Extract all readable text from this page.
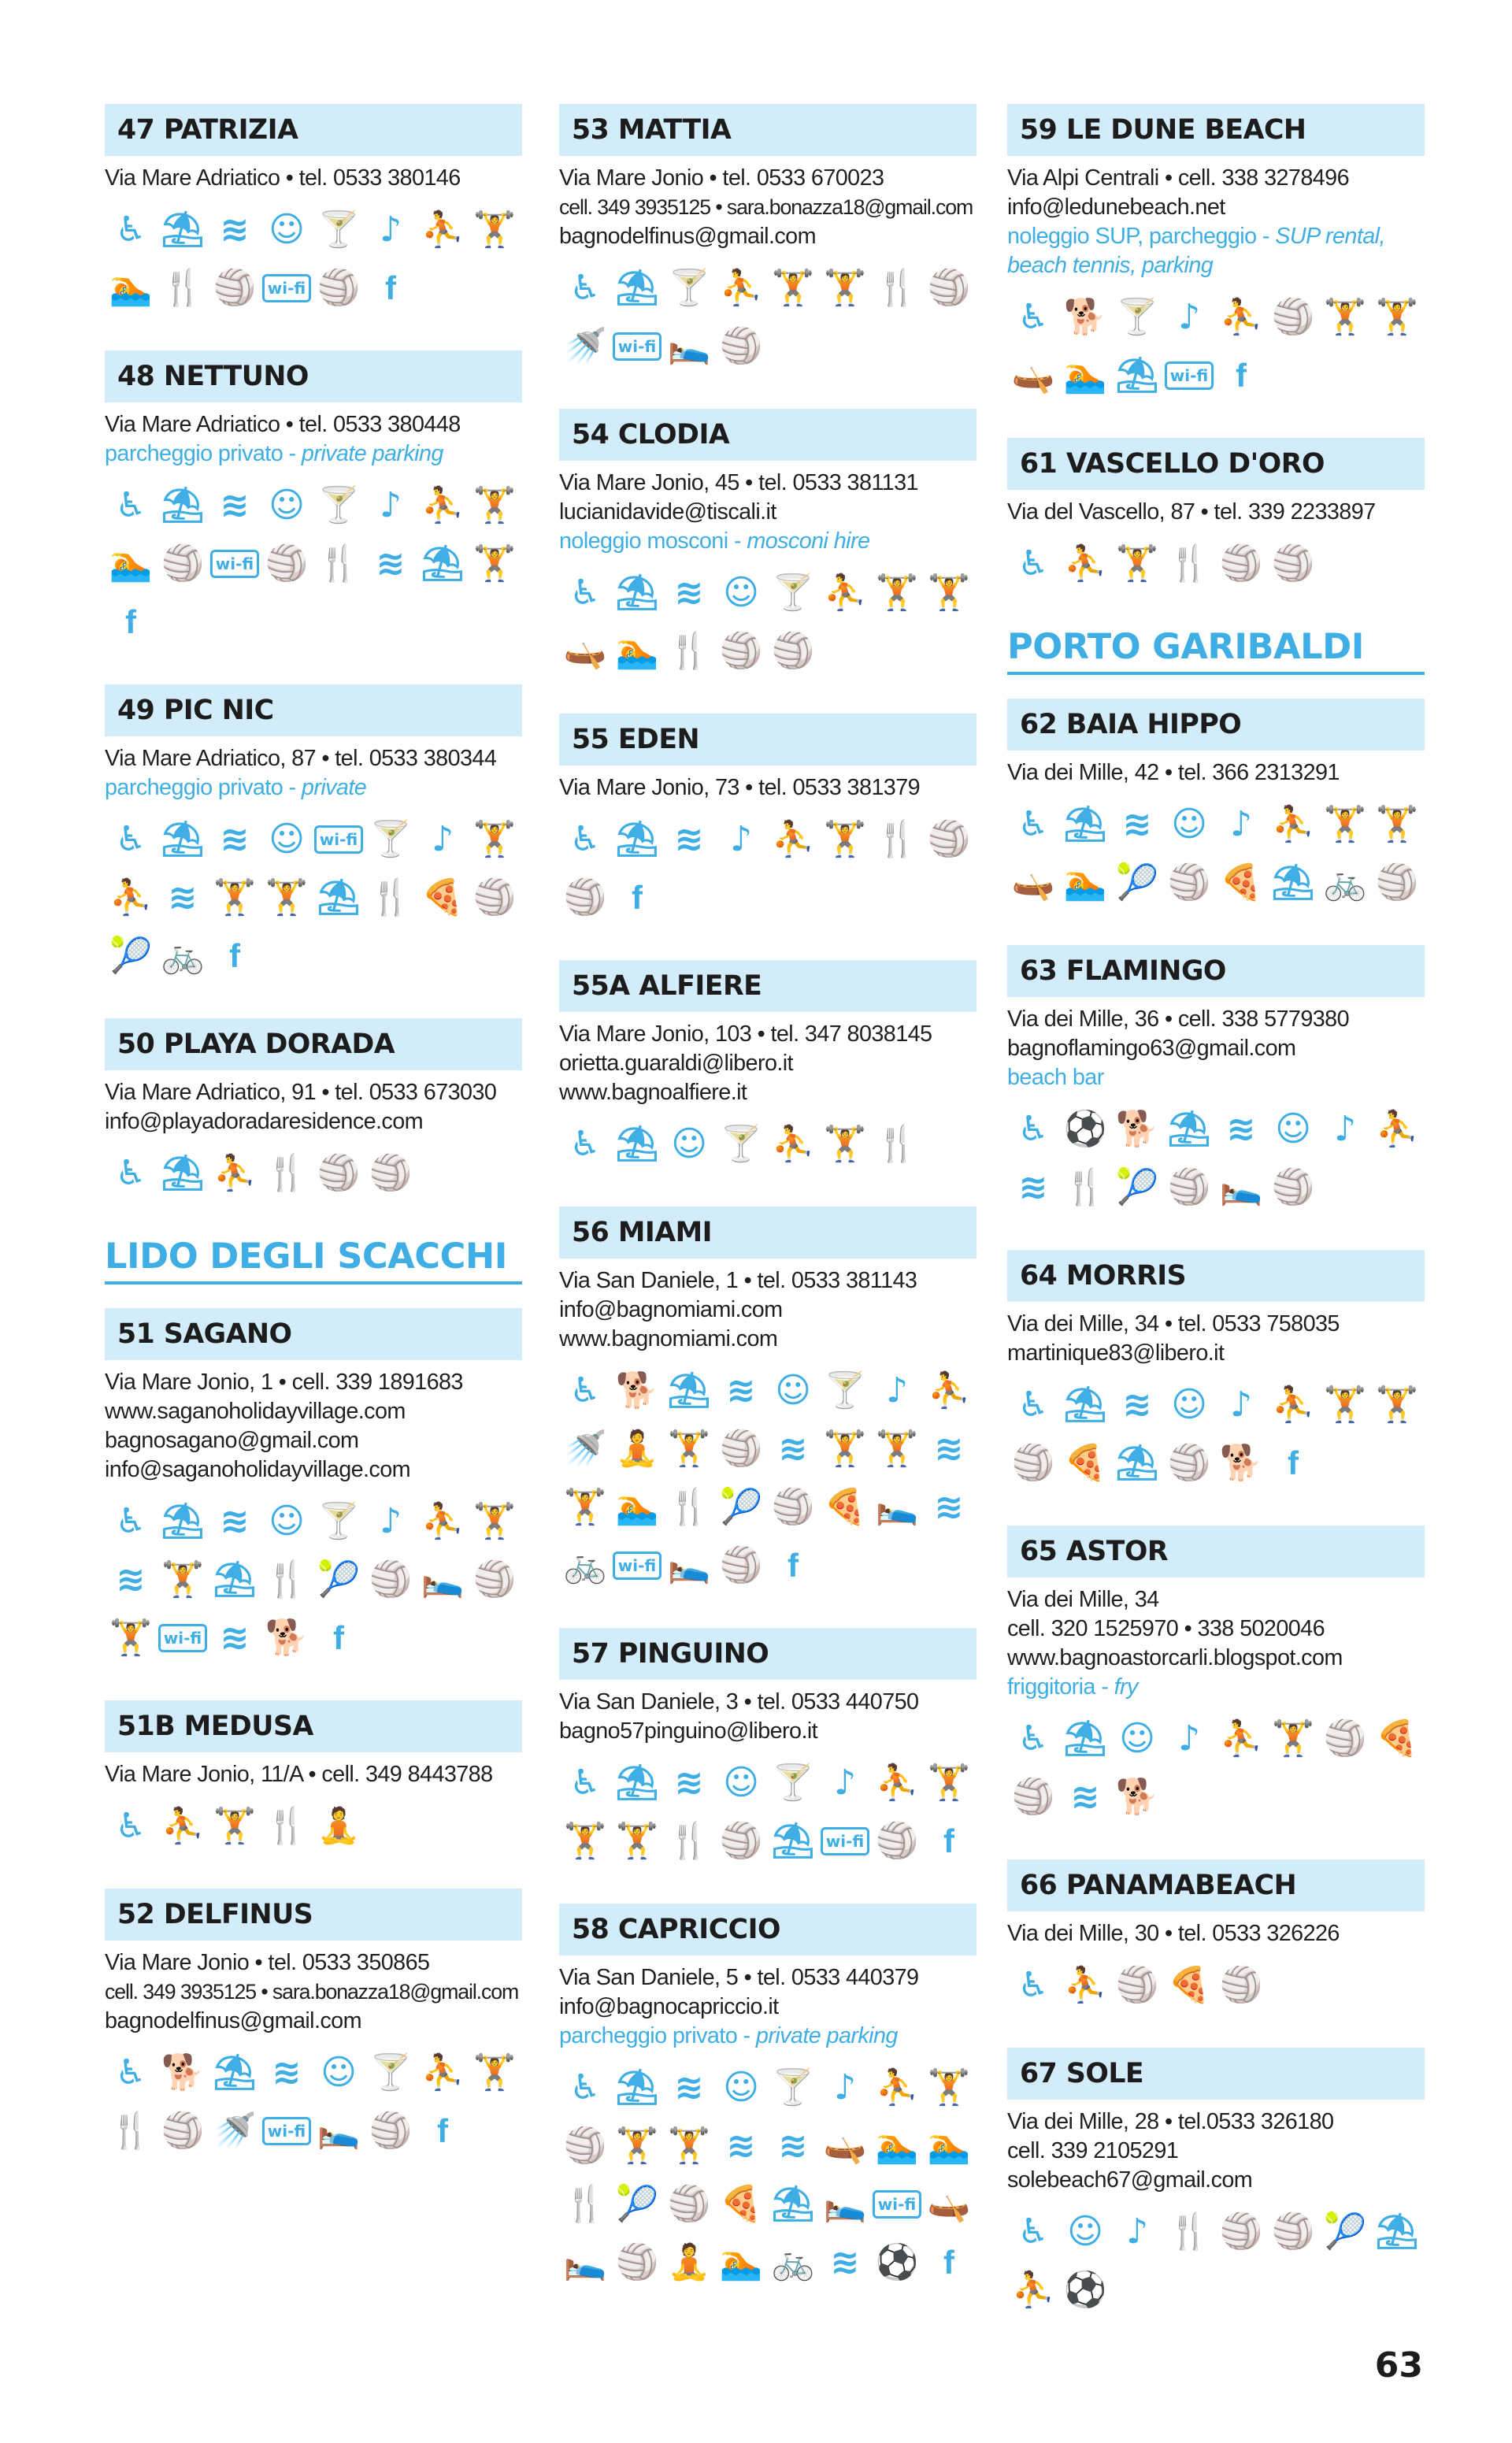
47 PATRIZIA
Via Mare Adriatico • tel. 0533 380146
♿ ⛱ ≋ ☺ 🍸 ♪ ⛹ 🏋
🏊 🍴 🏐 wi-fi 🏐 f
48 NETTUNO
Via Mare Adriatico • tel. 0533 380448
parcheggio privato - private parking
♿ ⛱ ≋ ☺ 🍸 ♪ ⛹ 🏋
🏊 🏐 wi-fi 🏐 🍴 ≋ ⛱ 🏋
f
49 PIC NIC
Via Mare Adriatico, 87 • tel. 0533 380344
parcheggio privato - private
♿ ⛱ ≋ ☺ wi-fi 🍸 ♪ 🏋
⛹ ≋ 🏋 🏋 ⛱ 🍴 🍕 🏐
🎾 🚲 f
50 PLAYA DORADA
Via Mare Adriatico, 91 • tel. 0533 673030
info@playadoradaresidence.com
♿ ⛱ ⛹ 🍴 🏐 🏐
LIDO DEGLI SCACCHI
51 SAGANO
Via Mare Jonio, 1 • cell. 339 1891683
www.saganoholidayvillage.com
bagnosagano@gmail.com
info@saganoholidayvillage.com
♿ ⛱ ≋ ☺ 🍸 ♪ ⛹ 🏋
≋ 🏋 ⛱ 🍴 🎾 🏐 🛌 🏐
🏋 wi-fi ≋ 🐕 f
51B MEDUSA
Via Mare Jonio, 11/A • cell. 349 8443788
♿ ⛹ 🏋 🍴 🧘
52 DELFINUS
Via Mare Jonio • tel. 0533 350865
cell. 349 3935125 • sara.bonazza18@gmail.com
bagnodelfinus@gmail.com
♿ 🐕 ⛱ ≋ ☺ 🍸 ⛹ 🏋
🍴 🏐 🚿 wi-fi 🛌 🏐 f
53 MATTIA
Via Mare Jonio • tel. 0533 670023
cell. 349 3935125 • sara.bonazza18@gmail.com
bagnodelfinus@gmail.com
♿ ⛱ 🍸 ⛹ 🏋 🏋 🍴 🏐
🚿 wi-fi 🛌 🏐
54 CLODIA
Via Mare Jonio, 45 • tel. 0533 381131
lucianidavide@tiscali.it
noleggio mosconi - mosconi hire
♿ ⛱ ≋ ☺ 🍸 ⛹ 🏋 🏋
🛶 🏊 🍴 🏐 🏐
55 EDEN
Via Mare Jonio, 73 • tel. 0533 381379
♿ ⛱ ≋ ♪ ⛹ 🏋 🍴 🏐
🏐 f
55A ALFIERE
Via Mare Jonio, 103 • tel. 347 8038145
orietta.guaraldi@libero.it
www.bagnoalfiere.it
♿ ⛱ ☺ 🍸 ⛹ 🏋 🍴
56 MIAMI
Via San Daniele, 1 • tel. 0533 381143
info@bagnomiami.com
www.bagnomiami.com
♿ 🐕 ⛱ ≋ ☺ 🍸 ♪ ⛹
🚿 🧘 🏋 🏐 ≋ 🏋 🏋 ≋
🏋 🏊 🍴 🎾 🏐 🍕 🛌 ≋
🚲 wi-fi 🛌 🏐 f
57 PINGUINO
Via San Daniele, 3 • tel. 0533 440750
bagno57pinguino@libero.it
♿ ⛱ ≋ ☺ 🍸 ♪ ⛹ 🏋
🏋 🏋 🍴 🏐 ⛱ wi-fi 🏐 f
58 CAPRICCIO
Via San Daniele, 5 • tel. 0533 440379
info@bagnocapriccio.it
parcheggio privato - private parking
♿ ⛱ ≋ ☺ 🍸 ♪ ⛹ 🏋
🏐 🏋 🏋 ≋ ≋ 🛶 🏊 🏊
🍴 🎾 🏐 🍕 ⛱ 🛌 wi-fi 🛶
🛌 🏐 🧘 🏊 🚲 ≋ ⚽ f
59 LE DUNE BEACH
Via Alpi Centrali • cell. 338 3278496
info@ledunebeach.net
noleggio SUP, parcheggio - SUP rental,
beach tennis, parking
♿ 🐕 🍸 ♪ ⛹ 🏐 🏋 🏋
🛶 🏊 ⛱ wi-fi f
61 VASCELLO D'ORO
Via del Vascello, 87 • tel. 339 2233897
♿ ⛹ 🏋 🍴 🏐 🏐
PORTO GARIBALDI
62 BAIA HIPPO
Via dei Mille, 42 • tel. 366 2313291
♿ ⛱ ≋ ☺ ♪ ⛹ 🏋 🏋
🛶 🏊 🎾 🏐 🍕 ⛱ 🚲 🏐
63 FLAMINGO
Via dei Mille, 36 • cell. 338 5779380
bagnoflamingo63@gmail.com
beach bar
♿ ⚽ 🐕 ⛱ ≋ ☺ ♪ ⛹
≋ 🍴 🎾 🏐 🛌 🏐
64 MORRIS
Via dei Mille, 34 • tel. 0533 758035
martinique83@libero.it
♿ ⛱ ≋ ☺ ♪ ⛹ 🏋 🏋
🏐 🍕 ⛱ 🏐 🐕 f
65 ASTOR
Via dei Mille, 34
cell. 320 1525970 • 338 5020046
www.bagnoastorcarli.blogspot.com
friggitoria - fry
♿ ⛱ ☺ ♪ ⛹ 🏋 🏐 🍕
🏐 ≋ 🐕
66 PANAMABEACH
Via dei Mille, 30 • tel. 0533 326226
♿ ⛹ 🏐 🍕 🏐
67 SOLE
Via dei Mille, 28 • tel.0533 326180
cell. 339 2105291
solebeach67@gmail.com
♿ ☺ ♪ 🍴 🏐 🏐 🎾 ⛱
⛹ ⚽
63
